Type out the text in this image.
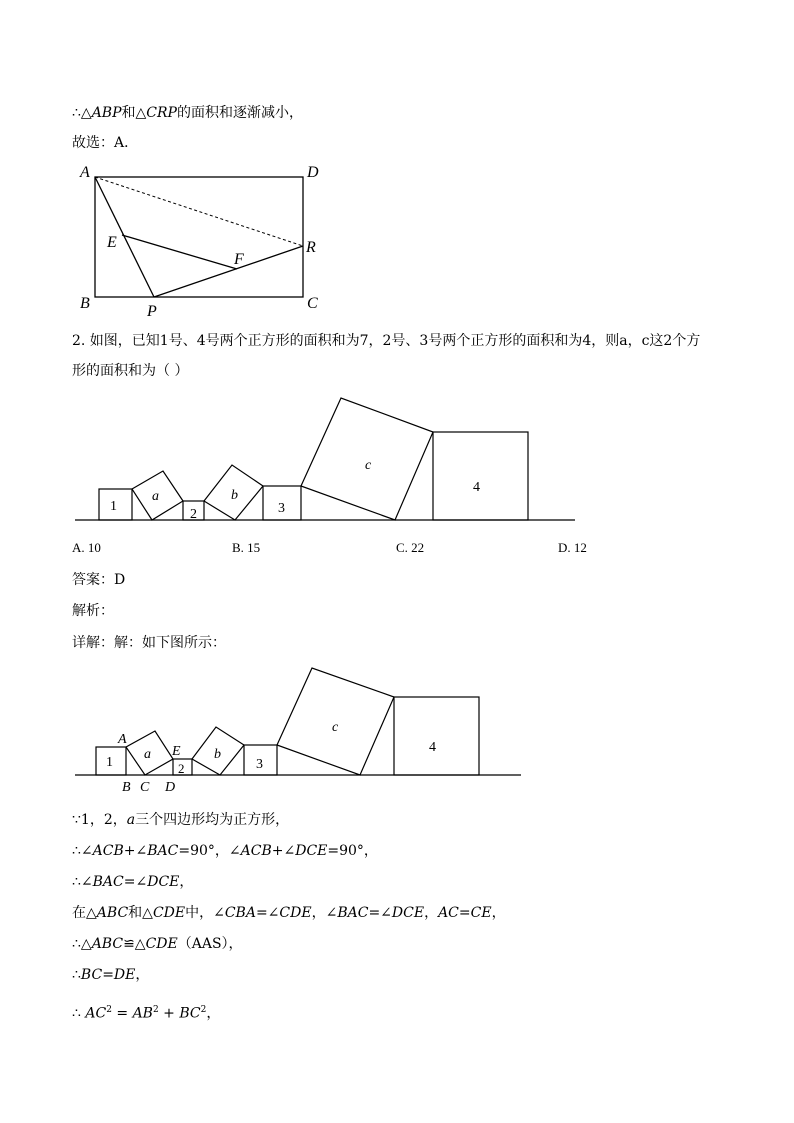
∴△ABP和△CRP的面积和逐渐减小，
故选：A．
A	D
B	C
E
F
P
R
2. 如图，已知1号、4号两个正方形的面积和为7，2号、3号两个正方形的面积和为4，则a，c这2个方
形的面积和为（ ）
1
a
2
b
3
c
4
A. 10	B. 15	C. 22	D. 12
答案：D
解析：
详解：解：如下图所示：
1
a
2
b
3
c
4
A
B C D
E
∵1，2，a三个四边形均为正方形，
∴∠ACB+∠BAC=90°，∠ACB+∠DCE=90°，
∴∠BAC=∠DCE，
在△ABC和△CDE中，∠CBA=∠CDE，∠BAC=∠DCE，AC=CE，
∴△ABC≌△CDE（AAS），
∴BC=DE，
∴ $AC^2 = AB^2 + BC^2$，
